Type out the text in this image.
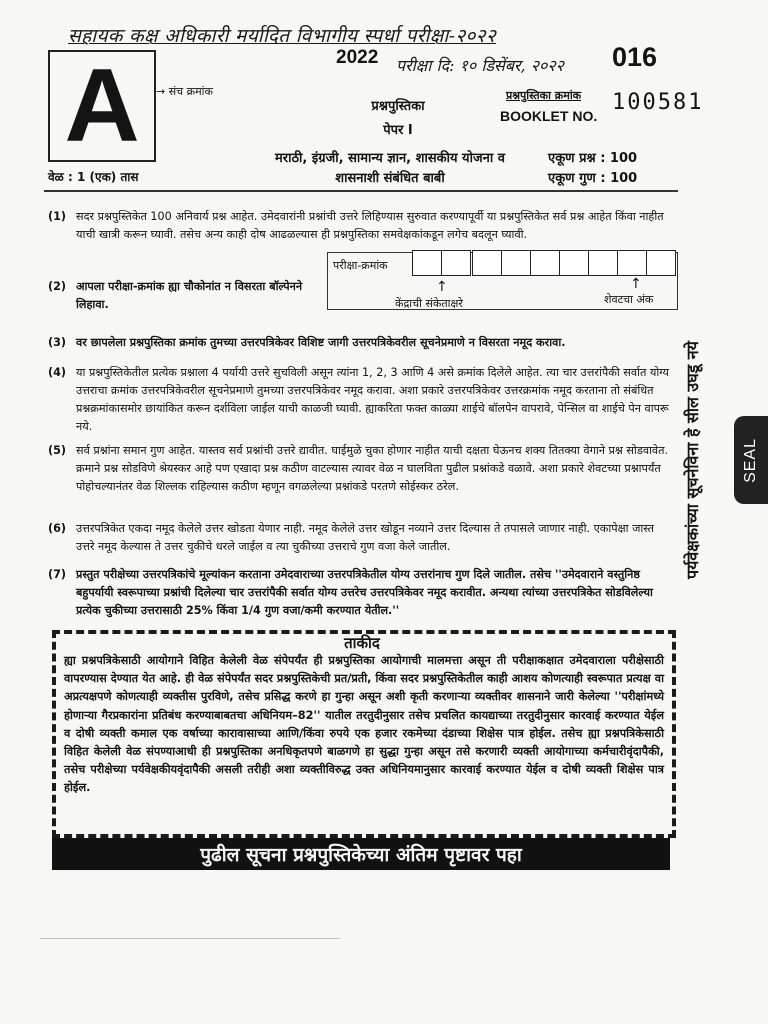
सहायक कक्ष अधिकारी मर्यादित विभागीय स्पर्धा परीक्षा-२०२२
A	→ संच क्रमांक
2022 परीक्षा दि: १० डिसेंबर, २०२२ 016
प्रश्नपुस्तिका
पेपर I
प्रश्नपुस्तिका क्रमांक
BOOKLET NO.
100581
मराठी, इंग्रजी, सामान्य ज्ञान, शासकीय योजना व
शासनाशी संबंधित बाबी
एकूण प्रश्न : 100
एकूण गुण : 100
वेळ : 1 (एक) तास
(1) सदर प्रश्नपुस्तिकेत 100 अनिवार्य प्रश्न आहेत. उमेदवारांनी प्रश्नांची उत्तरे लिहिण्यास सुरुवात करण्यापूर्वी या प्रश्नपुस्तिकेत सर्व प्रश्न आहेत किंवा नाहीत याची खात्री करून घ्यावी. तसेच अन्य काही दोष आढळल्यास ही प्रश्नपुस्तिका समवेक्षकांकडून लगेच बदलून घ्यावी.
(2) आपला परीक्षा-क्रमांक ह्या चौकोनांत न विसरता बॉल्पेनने लिहावा.
परीक्षा-क्रमांक
↑	↑
केंद्राची संकेताक्षरे	शेवटचा अंक
(3) वर छापलेला प्रश्नपुस्तिका क्रमांक तुमच्या उत्तरपत्रिकेवर विशिष्ट जागी उत्तरपत्रिकेवरील सूचनेप्रमाणे न विसरता नमूद करावा.
(4) या प्रश्नपुस्तिकेतील प्रत्येक प्रश्नाला 4 पर्यायी उत्तरे सुचविली असून त्यांना 1, 2, 3 आणि 4 असे क्रमांक दिलेले आहेत. त्या चार उत्तरांपैकी सर्वात योग्य उत्तराचा क्रमांक उत्तरपत्रिकेवरील सूचनेप्रमाणे तुमच्या उत्तरपत्रिकेवर नमूद करावा. अशा प्रकारे उत्तरपत्रिकेवर उत्तरक्रमांक नमूद करताना तो संबंधित प्रश्नक्रमांकासमोर छायांकित करून दर्शविला जाईल याची काळजी घ्यावी. ह्याकरिता फक्त काळ्या शाईचे बॉलपेन वापरावे, पेन्सिल वा शाईचे पेन वापरू नये.
(5) सर्व प्रश्नांना समान गुण आहेत. यास्तव सर्व प्रश्नांची उत्तरे द्यावीत. घाईमुळे चुका होणार नाहीत याची दक्षता घेऊनच शक्य तितक्या वेगाने प्रश्न सोडवावेत. क्रमाने प्रश्न सोडविणे श्रेयस्कर आहे पण एखादा प्रश्न कठीण वाटल्यास त्यावर वेळ न घालविता पुढील प्रश्नांकडे वळावे. अशा प्रकारे शेवटच्या प्रश्नापर्यंत पोहोचल्यानंतर वेळ शिल्लक राहिल्यास कठीण म्हणून वगळलेल्या प्रश्नांकडे परतणे सोईस्कर ठरेल.
(6) उत्तरपत्रिकेत एकदा नमूद केलेले उत्तर खोडता येणार नाही. नमूद केलेले उत्तर खोडून नव्याने उत्तर दिल्यास ते तपासले जाणार नाही. एकापेक्षा जास्त उत्तरे नमूद केल्यास ते उत्तर चुकीचे धरले जाईल व त्या चुकीच्या उत्तराचे गुण वजा केले जातील.
(7) प्रस्तुत परीक्षेच्या उत्तरपत्रिकांचे मूल्यांकन करताना उमेदवाराच्या उत्तरपत्रिकेतील योग्य उत्तरांनाच गुण दिले जातील. तसेच ''उमेदवाराने वस्तुनिष्ठ बहुपर्यायी स्वरूपाच्या प्रश्नांची दिलेल्या चार उत्तरांपैकी सर्वात योग्य उत्तरेच उत्तरपत्रिकेवर नमूद करावीत. अन्यथा त्यांच्या उत्तरपत्रिकेत सोडविलेल्या प्रत्येक चुकीच्या उत्तरासाठी 25% किंवा 1/4 गुण वजा/कमी करण्यात येतील.''
पर्यवेक्षकांच्या सूचनेविना हे सील उघडू नये	SEAL
ताकीद
ह्या प्रश्नपत्रिकेसाठी आयोगाने विहित केलेली वेळ संपेपर्यंत ही प्रश्नपुस्तिका आयोगाची मालमत्ता असून ती परीक्षाकक्षात उमेदवाराला परीक्षेसाठी वापरण्यास देण्यात येत आहे. ही वेळ संपेपर्यंत सदर प्रश्नपुस्तिकेची प्रत/प्रती, किंवा सदर प्रश्नपुस्तिकेतील काही आशय कोणत्याही स्वरूपात प्रत्यक्ष वा अप्रत्यक्षपणे कोणत्याही व्यक्तीस पुरविणे, तसेच प्रसिद्ध करणे हा गुन्हा असून अशी कृती करणाऱ्या व्यक्तीवर शासनाने जारी केलेल्या ''परीक्षांमध्ये होणाऱ्या गैरप्रकारांना प्रतिबंध करण्याबाबतचा अधिनियम–82'' यातील तरतुदीनुसार तसेच प्रचलित कायद्याच्या तरतुदीनुसार कारवाई करण्यात येईल व दोषी व्यक्ती कमाल एक वर्षाच्या कारावासाच्या आणि/किंवा रुपये एक हजार रकमेच्या दंडाच्या शिक्षेस पात्र होईल. तसेच ह्या प्रश्नपत्रिकेसाठी विहित केलेली वेळ संपण्याआधी ही प्रश्नपुस्तिका अनधिकृतपणे बाळगणे हा सुद्धा गुन्हा असून तसे करणारी व्यक्ती आयोगाच्या कर्मचारीवृंदापैकी, तसेच परीक्षेच्या पर्यवेक्षकीयवृंदापैकी असली तरीही अशा व्यक्तीविरुद्ध उक्त अधिनियमानुसार कारवाई करण्यात येईल व दोषी व्यक्ती शिक्षेस पात्र होईल.
पुढील सूचना प्रश्नपुस्तिकेच्या अंतिम पृष्टावर पहा
